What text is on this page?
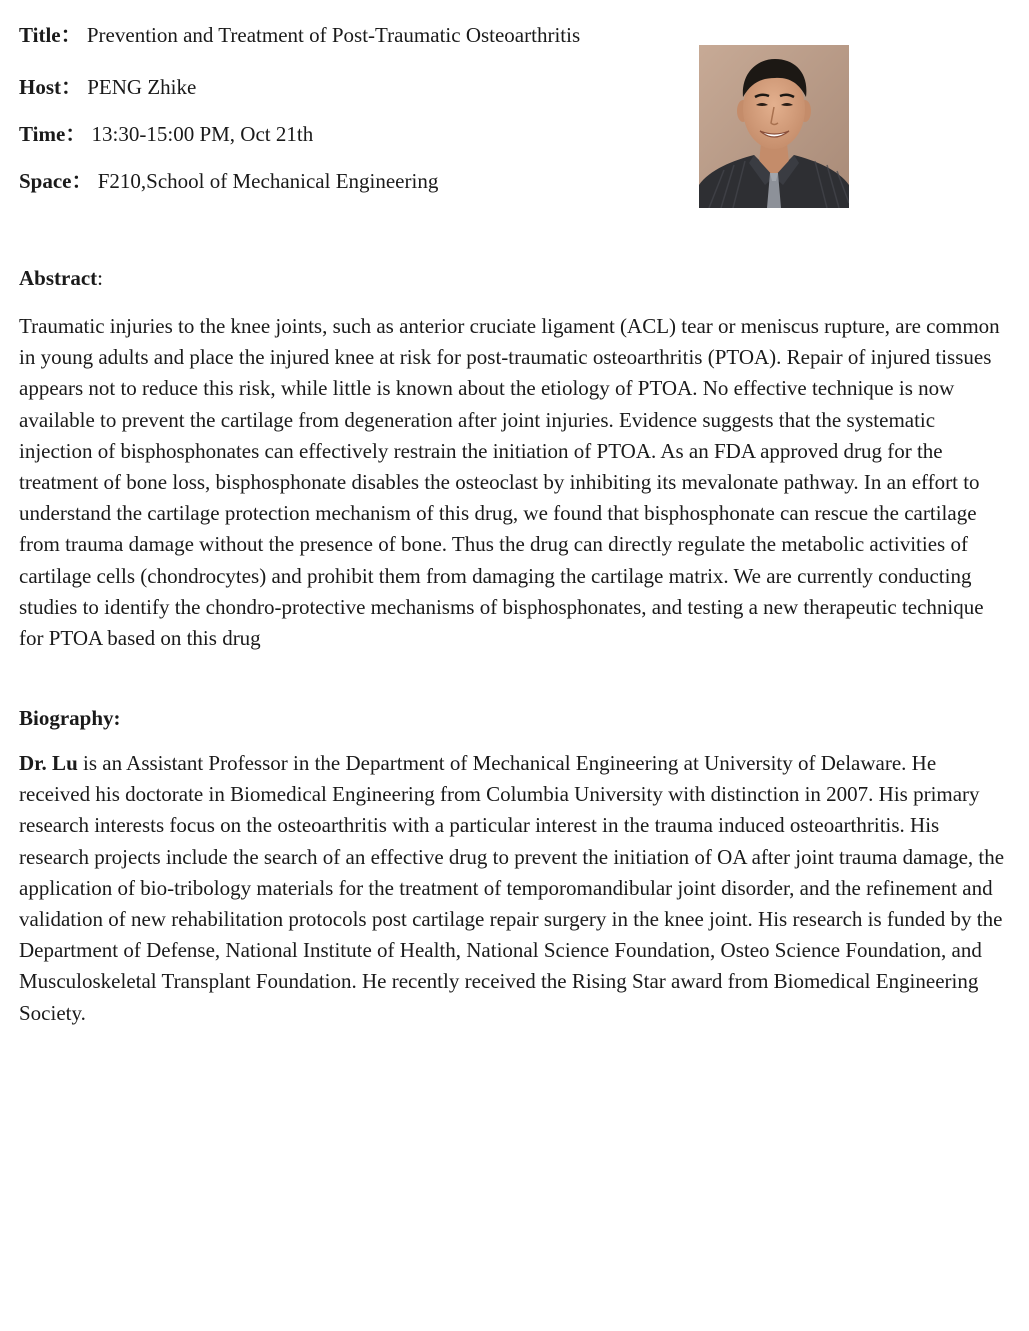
Title： Prevention and Treatment of Post-Traumatic Osteoarthritis
Host： PENG Zhike
Time： 13:30-15:00 PM, Oct 21th
Space： F210,School of Mechanical Engineering
Abstract:

Traumatic injuries to the knee joints, such as anterior cruciate ligament (ACL) tear or meniscus rupture, are common in young adults and place the injured knee at risk for post-traumatic osteoarthritis (PTOA). Repair of injured tissues appears not to reduce this risk, while little is known about the etiology of PTOA. No effective technique is now available to prevent the cartilage from degeneration after joint injuries. Evidence suggests that the systematic injection of bisphosphonates can effectively restrain the initiation of PTOA. As an FDA approved drug for the treatment of bone loss, bisphosphonate disables the osteoclast by inhibiting its mevalonate pathway. In an effort to understand the cartilage protection mechanism of this drug, we found that bisphosphonate can rescue the cartilage from trauma damage without the presence of bone. Thus the drug can directly regulate the metabolic activities of cartilage cells (chondrocytes) and prohibit them from damaging the cartilage matrix. We are currently conducting studies to identify the chondro-protective mechanisms of bisphosphonates, and testing a new therapeutic technique for PTOA based on this drug

Biography:

Dr. Lu is an Assistant Professor in the Department of Mechanical Engineering at University of Delaware. He received his doctorate in Biomedical Engineering from Columbia University with distinction in 2007. His primary research interests focus on the osteoarthritis with a particular interest in the trauma induced osteoarthritis. His research projects include the search of an effective drug to prevent the initiation of OA after joint trauma damage, the application of bio-tribology materials for the treatment of temporomandibular joint disorder, and the refinement and validation of new rehabilitation protocols post cartilage repair surgery in the knee joint. His research is funded by the Department of Defense, National Institute of Health, National Science Foundation, Osteo Science Foundation, and Musculoskeletal Transplant Foundation. He recently received the Rising Star award from Biomedical Engineering Society.
